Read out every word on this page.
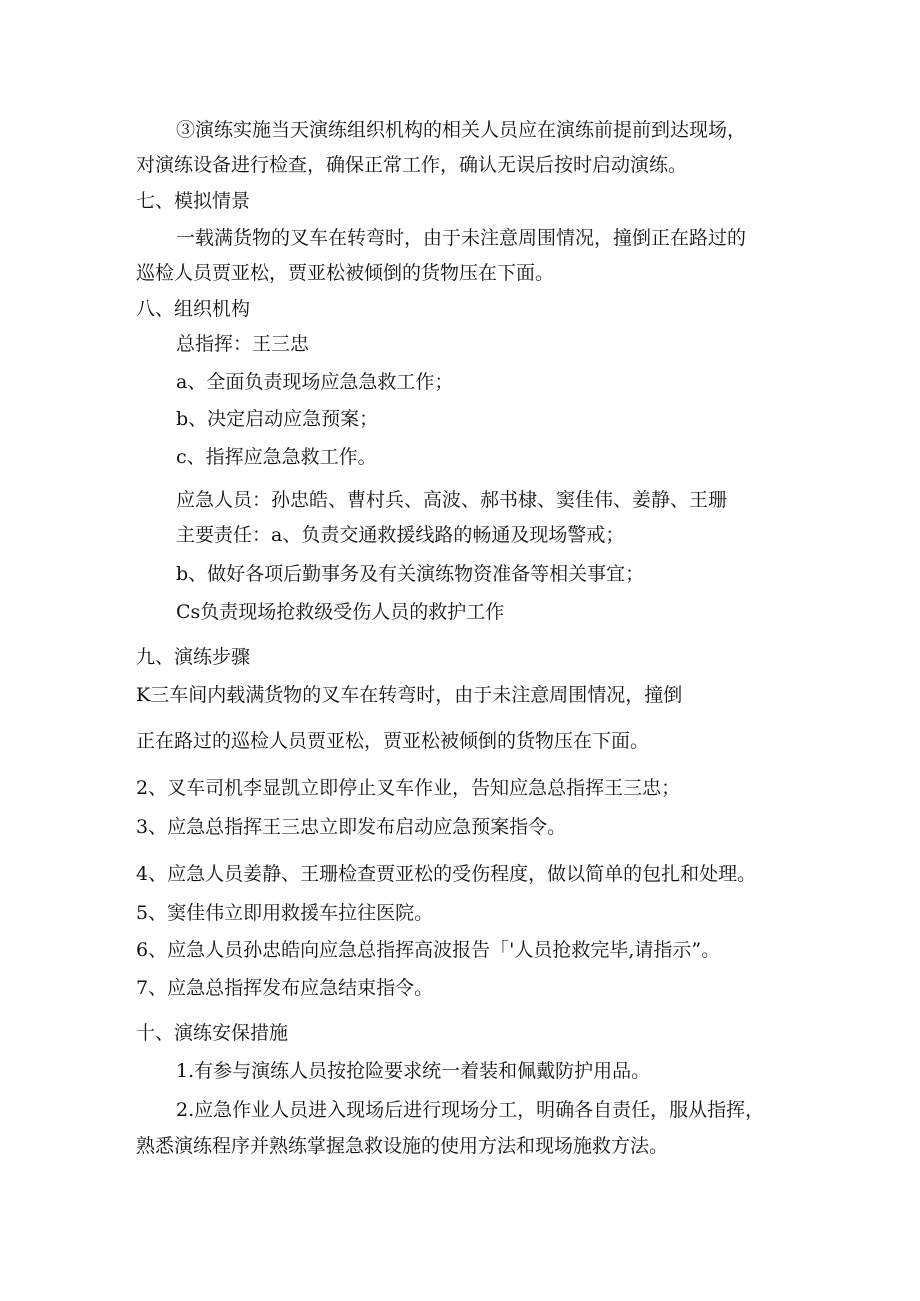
③演练实施当天演练组织机构的相关人员应在演练前提前到达现场，
对演练设备进行检查，确保正常工作，确认无误后按时启动演练。
七、模拟情景
一载满货物的叉车在转弯时，由于未注意周围情况，撞倒正在路过的
巡检人员贾亚松，贾亚松被倾倒的货物压在下面。
八、组织机构
总指挥：王三忠
a、全面负责现场应急急救工作；
b、决定启动应急预案；
c、指挥应急急救工作。
应急人员：孙忠皓、曹村兵、高波、郝书棣、窦佳伟、姜静、王珊
主要责任：a、负责交通救援线路的畅通及现场警戒；
b、做好各项后勤事务及有关演练物资准备等相关事宜；
Cs负责现场抢救级受伤人员的救护工作
九、演练步骤
K三车间内载满货物的叉车在转弯时，由于未注意周围情况，撞倒
正在路过的巡检人员贾亚松，贾亚松被倾倒的货物压在下面。
2、叉车司机李显凯立即停止叉车作业，告知应急总指挥王三忠；
3、应急总指挥王三忠立即发布启动应急预案指令。
4、应急人员姜静、王珊检查贾亚松的受伤程度，做以简单的包扎和处理。
5、窦佳伟立即用救援车拉往医院。
6、应急人员孙忠皓向应急总指挥高波报告「'人员抢救完毕,请指示”。
7、应急总指挥发布应急结束指令。
十、演练安保措施
1.有参与演练人员按抢险要求统一着装和佩戴防护用品。
2.应急作业人员进入现场后进行现场分工，明确各自责任，服从指挥，
熟悉演练程序并熟练掌握急救设施的使用方法和现场施救方法。
